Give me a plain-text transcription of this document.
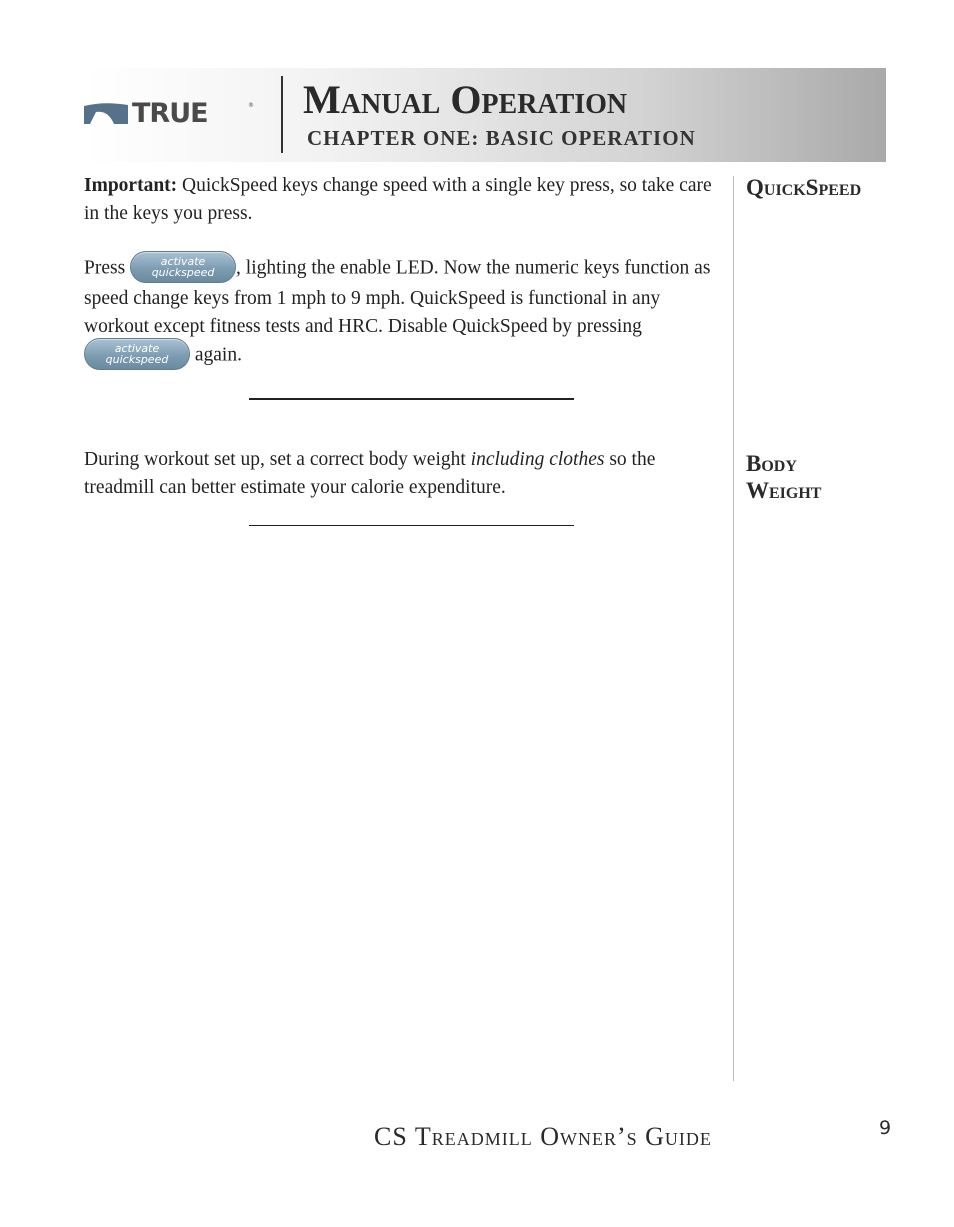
TRUE	® Manual Operation
CHAPTER ONE: BASIC OPERATION

Important: QuickSpeed keys change speed with a single key press, so take care in the keys you press.

Press	activate
quickspeed	, lighting the enable LED. Now the numeric keys function as speed change keys from 1 mph to 9 mph. QuickSpeed is functional in any workout except fitness tests and HRC. Disable QuickSpeed by pressing
activate
quickspeed	again.

During workout set up, set a correct body weight including clothes so the treadmill can better estimate your calorie expenditure.

QuickSpeed

Body
Weight

CS Treadmill Owner’s Guide	9
